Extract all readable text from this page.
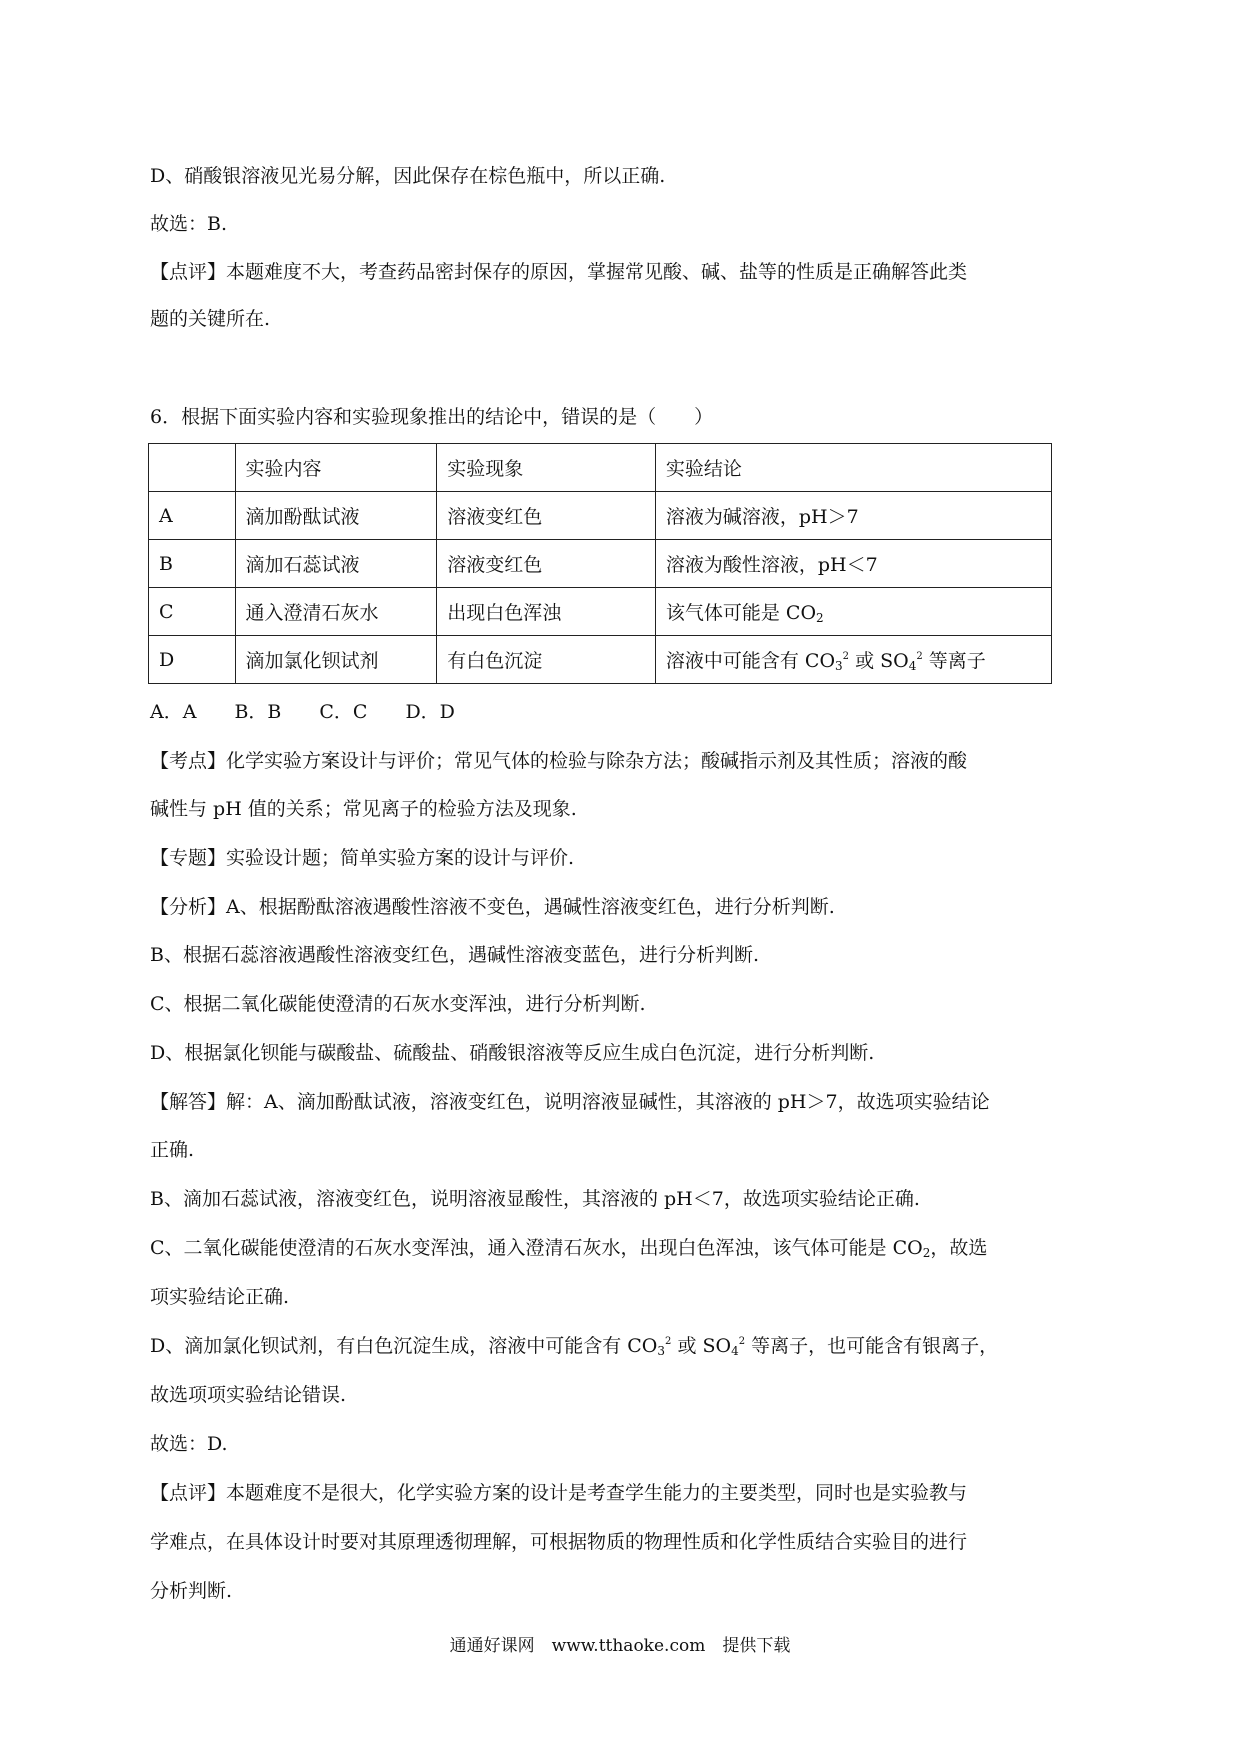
D、硝酸银溶液见光易分解，因此保存在棕色瓶中，所以正确.
故选：B.
【点评】本题难度不大，考查药品密封保存的原因，掌握常见酸、碱、盐等的性质是正确解答此类
题的关键所在.
6．根据下面实验内容和实验现象推出的结论中，错误的是（　　）
A．A　　B．B　　C．C　　D．D
【考点】化学实验方案设计与评价；常见气体的检验与除杂方法；酸碱指示剂及其性质；溶液的酸
碱性与 pH 值的关系；常见离子的检验方法及现象.
【专题】实验设计题；简单实验方案的设计与评价.
【分析】A、根据酚酞溶液遇酸性溶液不变色，遇碱性溶液变红色，进行分析判断.
B、根据石蕊溶液遇酸性溶液变红色，遇碱性溶液变蓝色，进行分析判断.
C、根据二氧化碳能使澄清的石灰水变浑浊，进行分析判断.
D、根据氯化钡能与碳酸盐、硫酸盐、硝酸银溶液等反应生成白色沉淀，进行分析判断.
【解答】解：A、滴加酚酞试液，溶液变红色，说明溶液显碱性，其溶液的 pH＞7，故选项实验结论
正确.
B、滴加石蕊试液，溶液变红色，说明溶液显酸性，其溶液的 pH＜7，故选项实验结论正确.
C、二氧化碳能使澄清的石灰水变浑浊，通入澄清石灰水，出现白色浑浊，该气体可能是 $CO_2$，故选
项实验结论正确.
D、滴加氯化钡试剂，有白色沉淀生成，溶液中可能含有 $CO_3^2$ 或 $SO_4^2$ 等离子，也可能含有银离子，
故选项项实验结论错误.
故选：D.
【点评】本题难度不是很大，化学实验方案的设计是考查学生能力的主要类型，同时也是实验教与
学难点，在具体设计时要对其原理透彻理解，可根据物质的物理性质和化学性质结合实验目的进行
分析判断.
	实验内容	实验现象	实验结论
A	滴加酚酞试液	溶液变红色	溶液为碱溶液，pH＞7
B	滴加石蕊试液	溶液变红色	溶液为酸性溶液，pH＜7
C	通入澄清石灰水	出现白色浑浊	该气体可能是 $CO_2$
D	滴加氯化钡试剂	有白色沉淀	溶液中可能含有 $CO_3^2$ 或 $SO_4^2$ 等离子
通通好课网　www.tthaoke.com　提供下载
